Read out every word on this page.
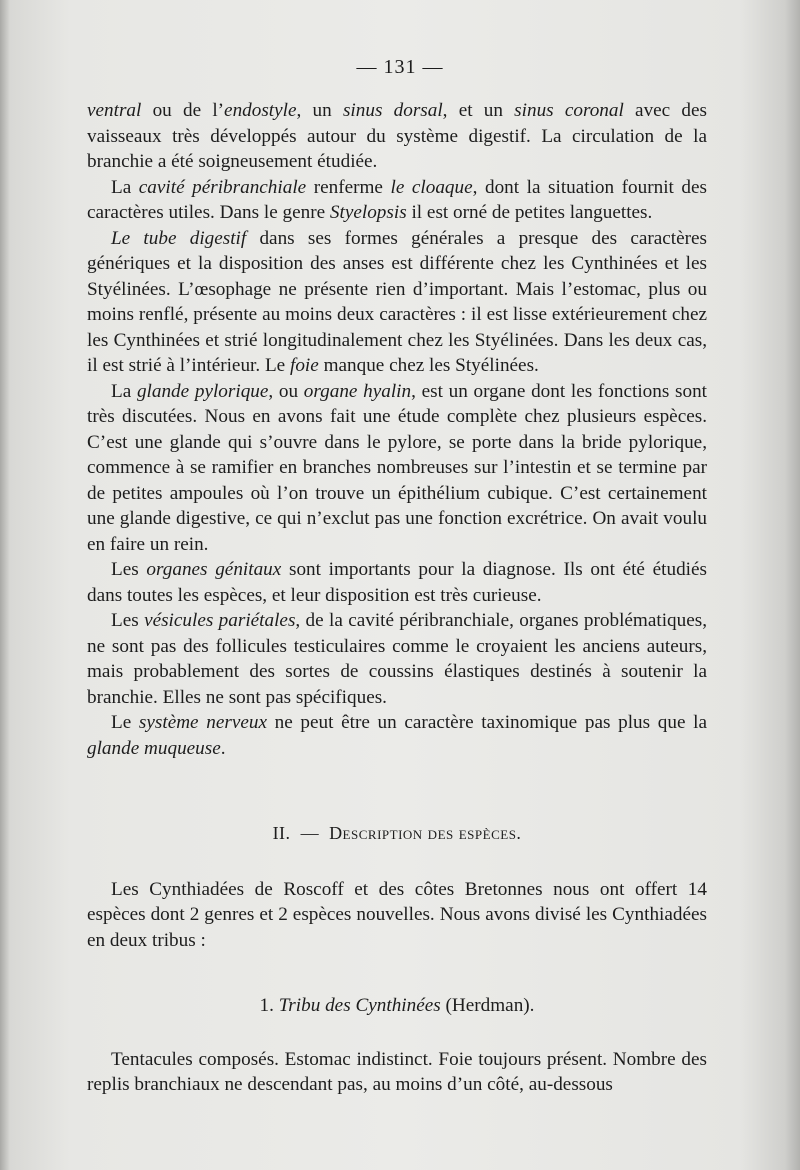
— 131 —

ventral ou de l’endostyle, un sinus dorsal, et un sinus coronal avec des vaisseaux très développés autour du système digestif. La circulation de la branchie a été soigneusement étudiée.

La cavité péribranchiale renferme le cloaque, dont la situation fournit des caractères utiles. Dans le genre Styelopsis il est orné de petites languettes.

Le tube digestif dans ses formes générales a presque des caractères génériques et la disposition des anses est différente chez les Cynthinées et les Styélinées. L’œsophage ne présente rien d’important. Mais l’estomac, plus ou moins renflé, présente au moins deux caractères : il est lisse extérieurement chez les Cynthinées et strié longitudinalement chez les Styélinées. Dans les deux cas, il est strié à l’intérieur. Le foie manque chez les Styélinées.

La glande pylorique, ou organe hyalin, est un organe dont les fonctions sont très discutées. Nous en avons fait une étude complète chez plusieurs espèces. C’est une glande qui s’ouvre dans le pylore, se porte dans la bride pylorique, commence à se ramifier en branches nombreuses sur l’intestin et se termine par de petites ampoules où l’on trouve un épithélium cubique. C’est certainement une glande digestive, ce qui n’exclut pas une fonction excrétrice. On avait voulu en faire un rein.

Les organes génitaux sont importants pour la diagnose. Ils ont été étudiés dans toutes les espèces, et leur disposition est très curieuse.

Les vésicules pariétales, de la cavité péribranchiale, organes problématiques, ne sont pas des follicules testiculaires comme le croyaient les anciens auteurs, mais probablement des sortes de coussins élastiques destinés à soutenir la branchie. Elles ne sont pas spécifiques.

Le système nerveux ne peut être un caractère taxinomique pas plus que la glande muqueuse.

II. — Description des espèces.

Les Cynthiadées de Roscoff et des côtes Bretonnes nous ont offert 14 espèces dont 2 genres et 2 espèces nouvelles. Nous avons divisé les Cynthiadées en deux tribus :

1. Tribu des Cynthinées (Herdman).

Tentacules composés. Estomac indistinct. Foie toujours présent. Nombre des replis branchiaux ne descendant pas, au moins d’un côté, au-dessous
